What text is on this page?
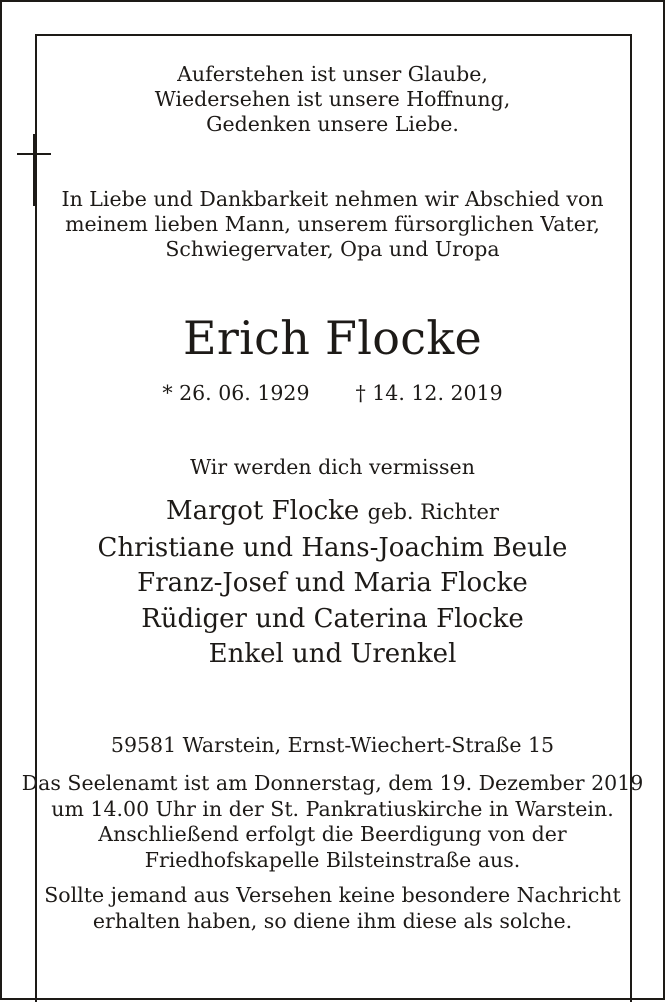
Auferstehen ist unser Glaube,
Wiedersehen ist unsere Hoffnung,
Gedenken unsere Liebe.
In Liebe und Dankbarkeit nehmen wir Abschied von
meinem lieben Mann, unserem fürsorglichen Vater,
Schwiegervater, Opa und Uropa
Erich Flocke
* 26. 06. 1929 † 14. 12. 2019
Wir werden dich vermissen
Margot Flocke geb. Richter
Christiane und Hans-Joachim Beule
Franz-Josef und Maria Flocke
Rüdiger und Caterina Flocke
Enkel und Urenkel
59581 Warstein, Ernst-Wiechert-Straße 15
Das Seelenamt ist am Donnerstag, dem 19. Dezember 2019
um 14.00 Uhr in der St. Pankratiuskirche in Warstein.
Anschließend erfolgt die Beerdigung von der
Friedhofskapelle Bilsteinstraße aus.
Sollte jemand aus Versehen keine besondere Nachricht
erhalten haben, so diene ihm diese als solche.
